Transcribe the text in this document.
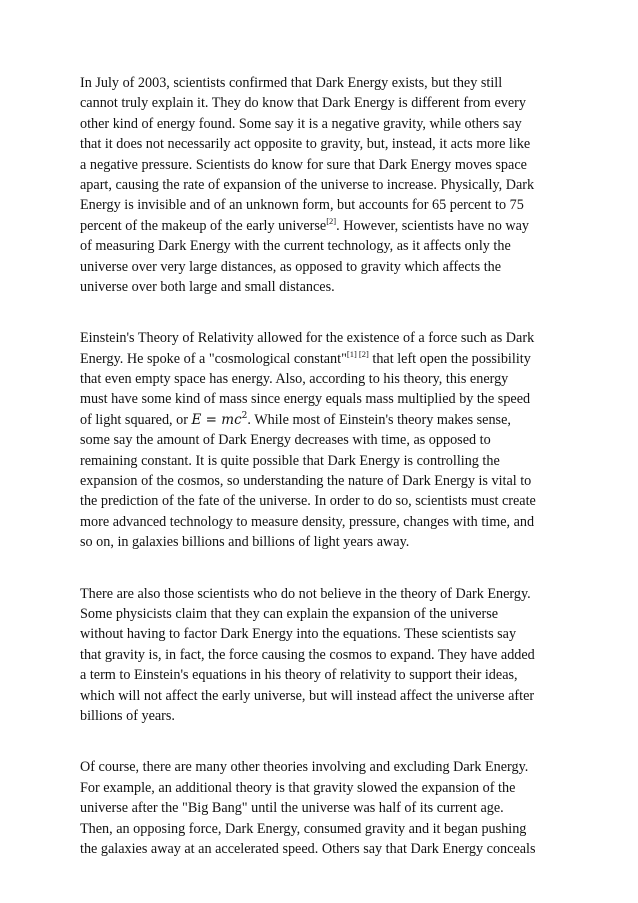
In July of 2003, scientists confirmed that Dark Energy exists, but they still
cannot truly explain it. They do know that Dark Energy is different from every
other kind of energy found. Some say it is a negative gravity, while others say
that it does not necessarily act opposite to gravity, but, instead, it acts more like
a negative pressure. Scientists do know for sure that Dark Energy moves space
apart, causing the rate of expansion of the universe to increase. Physically, Dark
Energy is invisible and of an unknown form, but accounts for 65 percent to 75
percent of the makeup of the early universe[2]. However, scientists have no way
of measuring Dark Energy with the current technology, as it affects only the
universe over very large distances, as opposed to gravity which affects the
universe over both large and small distances.
Einstein's Theory of Relativity allowed for the existence of a force such as Dark
Energy. He spoke of a "cosmological constant"[1] [2] that left open the possibility
that even empty space has energy. Also, according to his theory, this energy
must have some kind of mass since energy equals mass multiplied by the speed
of light squared, or $E = mc^2$. While most of Einstein's theory makes sense,
some say the amount of Dark Energy decreases with time, as opposed to
remaining constant. It is quite possible that Dark Energy is controlling the
expansion of the cosmos, so understanding the nature of Dark Energy is vital to
the prediction of the fate of the universe. In order to do so, scientists must create
more advanced technology to measure density, pressure, changes with time, and
so on, in galaxies billions and billions of light years away.
There are also those scientists who do not believe in the theory of Dark Energy.
Some physicists claim that they can explain the expansion of the universe
without having to factor Dark Energy into the equations. These scientists say
that gravity is, in fact, the force causing the cosmos to expand. They have added
a term to Einstein's equations in his theory of relativity to support their ideas,
which will not affect the early universe, but will instead affect the universe after
billions of years.
Of course, there are many other theories involving and excluding Dark Energy.
For example, an additional theory is that gravity slowed the expansion of the
universe after the "Big Bang" until the universe was half of its current age.
Then, an opposing force, Dark Energy, consumed gravity and it began pushing
the galaxies away at an accelerated speed. Others say that Dark Energy conceals
